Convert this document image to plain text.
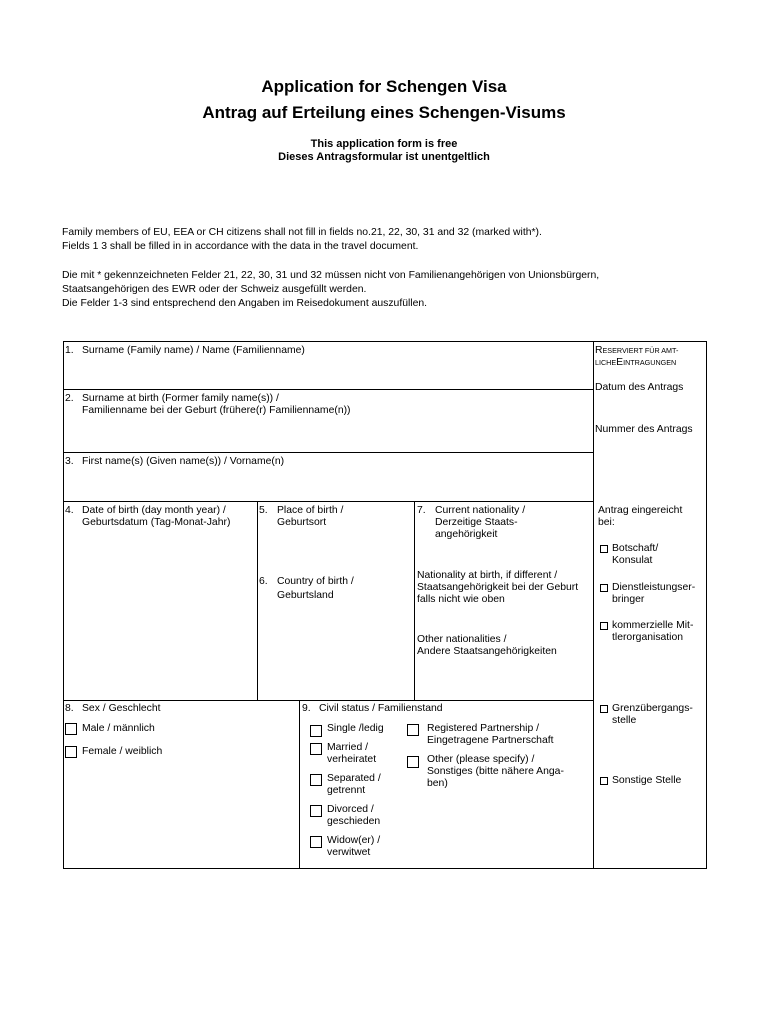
Application for Schengen Visa
Antrag auf Erteilung eines Schengen-Visums
This application form is free
Dieses Antragsformular ist unentgeltlich
Family members of EU, EEA or CH citizens shall not fill in fields no.21, 22, 30, 31 and 32 (marked with*).
Fields 1 3 shall be filled in in accordance with the data in the travel document.
Die mit * gekennzeichneten Felder 21, 22, 30, 31 und 32 müssen nicht von Familienangehörigen von Unionsbürgern,
Staatsangehörigen des EWR oder der Schweiz ausgefüllt werden.
Die Felder 1-3 sind entsprechend den Angaben im Reisedokument auszufüllen.
1. Surname (Family name) / Name (Familienname)
2. Surname at birth (Former family name(s)) /
Familienname bei der Geburt (frühere(r) Familienname(n))
3. First name(s) (Given name(s)) / Vorname(n)
4. Date of birth (day month year) /
Geburtsdatum (Tag-Monat-Jahr)
5. Place of birth /
Geburtsort
6. Country of birth /
Geburtsland
7. Current nationality /
Derzeitige Staats-
angehörigkeit
Nationality at birth, if different /
Staatsangehörigkeit bei der Geburt
falls nicht wie oben
Other nationalities /
Andere Staatsangehörigkeiten
8. Sex / Geschlecht
Male / männlich
Female / weiblich
9. Civil status / Familienstand
Single /ledig
Married /
verheiratet
Separated /
getrennt
Divorced /
geschieden
Widow(er) /
verwitwet
Registered Partnership /
Eingetragene Partnerschaft
Other (please specify) /
Sonstiges (bitte nähere Anga-
ben)
RESERVIERT FÜR AMT-
LICHEEINTRAGUNGEN
Datum des Antrags
Nummer des Antrags
Antrag eingereicht
bei:
Botschaft/
Konsulat
Dienstleistungser-
bringer
kommerzielle Mit-
tlerorganisation
Grenzübergangs-
stelle
Sonstige Stelle
